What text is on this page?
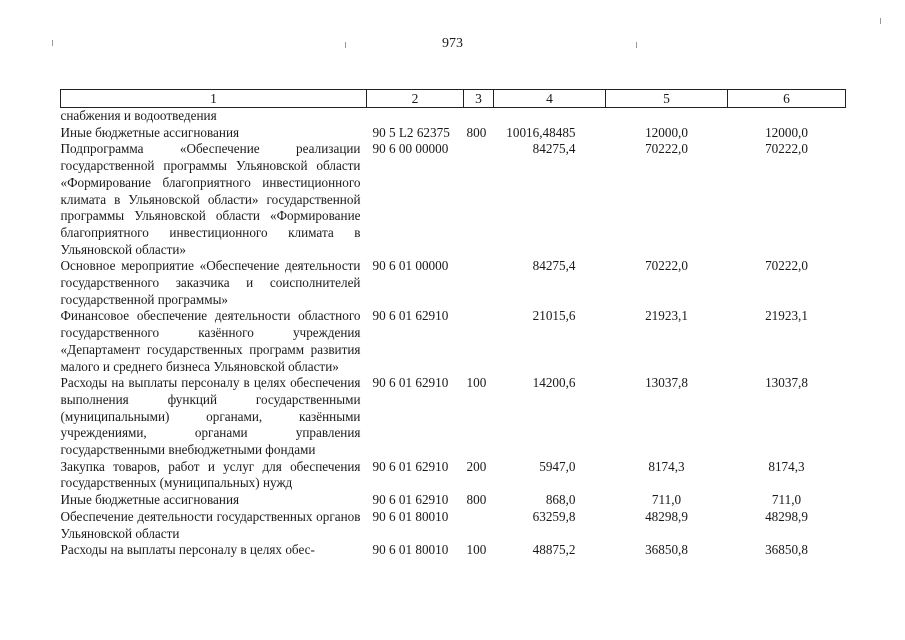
973
1	2	3	4	5	6
снабжения и водоотведения					
Иные бюджетные ассигнования	90 5 L2 62375	800	10016,48485	12000,0	12000,0
Подпрограмма «Обеспечение реализации государственной программы Ульяновской области «Формирование благоприятного инвестиционного климата в Ульяновской области» государственной программы Ульяновской области «Формирование благоприятного инвестиционного климата в Ульяновской области»	90 6 00 00000		84275,4	70222,0	70222,0
Основное мероприятие «Обеспечение деятельности государственного заказчика и соисполнителей государственной программы»	90 6 01 00000		84275,4	70222,0	70222,0
Финансовое обеспечение деятельности областного государственного казённого учреждения «Департамент государственных программ развития малого и среднего бизнеса Ульяновской области»	90 6 01 62910		21015,6	21923,1	21923,1
Расходы на выплаты персоналу в целях обеспечения выполнения функций государственными (муниципальными) органами, казёнными учреждениями, органами управления государственными внебюджетными фондами	90 6 01 62910	100	14200,6	13037,8	13037,8
Закупка товаров, работ и услуг для обеспечения государственных (муниципальных) нужд	90 6 01 62910	200	5947,0	8174,3	8174,3
Иные бюджетные ассигнования	90 6 01 62910	800	868,0	711,0	711,0
Обеспечение деятельности государственных органов Ульяновской области	90 6 01 80010		63259,8	48298,9	48298,9
Расходы на выплаты персоналу в целях обес-	90 6 01 80010	100	48875,2	36850,8	36850,8
